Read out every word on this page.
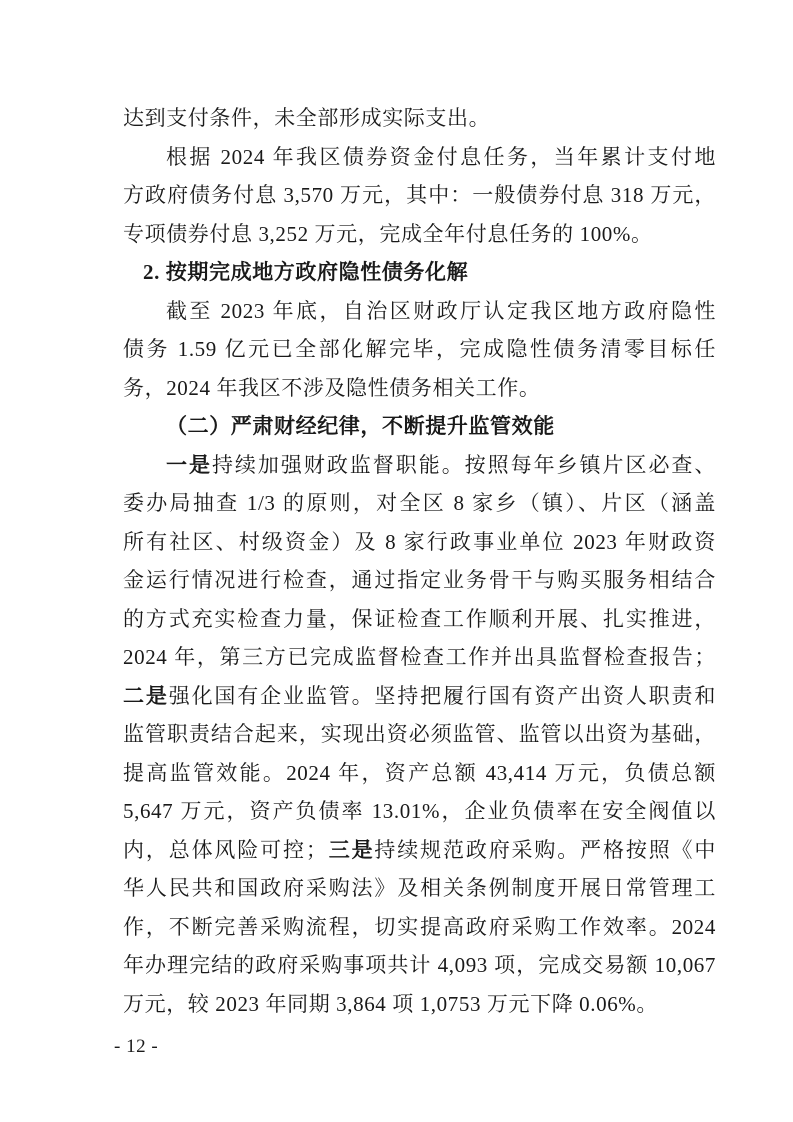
达到支付条件，未全部形成实际支出。
根据 2024 年我区债券资金付息任务，当年累计支付地
方政府债务付息 3,570 万元，其中：一般债券付息 318 万元，
专项债券付息 3,252 万元，完成全年付息任务的 100%。
2. 按期完成地方政府隐性债务化解
截至 2023 年底，自治区财政厅认定我区地方政府隐性
债务 1.59 亿元已全部化解完毕，完成隐性债务清零目标任
务，2024 年我区不涉及隐性债务相关工作。
（二）严肃财经纪律，不断提升监管效能
一是持续加强财政监督职能。按照每年乡镇片区必查、
委办局抽查 1/3 的原则，对全区 8 家乡（镇）、片区（涵盖
所有社区、村级资金）及 8 家行政事业单位 2023 年财政资
金运行情况进行检查，通过指定业务骨干与购买服务相结合
的方式充实检查力量，保证检查工作顺利开展、扎实推进，
2024 年，第三方已完成监督检查工作并出具监督检查报告；
二是强化国有企业监管。坚持把履行国有资产出资人职责和
监管职责结合起来，实现出资必须监管、监管以出资为基础，
提高监管效能。2024 年，资产总额 43,414 万元，负债总额
5,647 万元，资产负债率 13.01%，企业负债率在安全阀值以
内，总体风险可控；三是持续规范政府采购。严格按照《中
华人民共和国政府采购法》及相关条例制度开展日常管理工
作，不断完善采购流程，切实提高政府采购工作效率。2024
年办理完结的政府采购事项共计 4,093 项，完成交易额 10,067
万元，较 2023 年同期 3,864 项 1,0753 万元下降 0.06%。
- 12 -
